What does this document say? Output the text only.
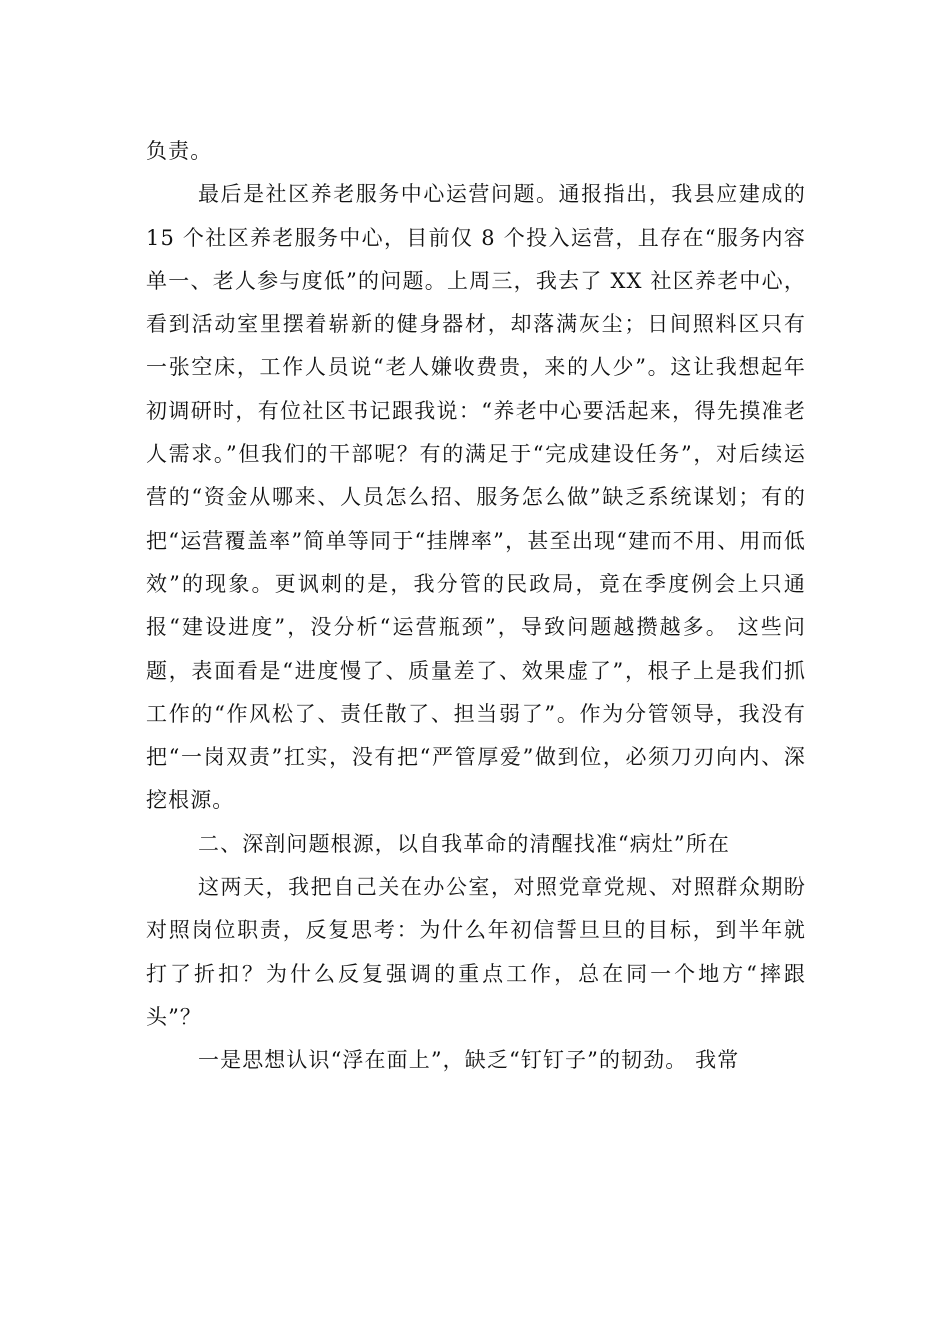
负责。

最后是社区养老服务中心运营问题。通报指出，我县应建成的 15 个社区养老服务中心，目前仅 8 个投入运营，且存在“服务内容单一、老人参与度低”的问题。上周三，我去了 XX 社区养老中心，看到活动室里摆着崭新的健身器材，却落满灰尘；日间照料区只有一张空床，工作人员说“老人嫌收费贵，来的人少”。这让我想起年初调研时，有位社区书记跟我说：“养老中心要活起来，得先摸准老人需求。”但我们的干部呢？有的满足于“完成建设任务”，对后续运营的“资金从哪来、人员怎么招、服务怎么做”缺乏系统谋划；有的把“运营覆盖率”简单等同于“挂牌率”，甚至出现“建而不用、用而低效”的现象。更讽刺的是，我分管的民政局，竟在季度例会上只通报“建设进度”，没分析“运营瓶颈”，导致问题越攒越多。 这些问题，表面看是“进度慢了、质量差了、效果虚了”，根子上是我们抓工作的“作风松了、责任散了、担当弱了”。作为分管领导，我没有把“一岗双责”扛实，没有把“严管厚爱”做到位，必须刀刃向内、深挖根源。

二、深剖问题根源，以自我革命的清醒找准“病灶”所在

这两天，我把自己关在办公室，对照党章党规、对照群众期盼对照岗位职责，反复思考：为什么年初信誓旦旦的目标，到半年就打了折扣？为什么反复强调的重点工作，总在同一个地方“摔跟头”？

一是思想认识“浮在面上”，缺乏“钉钉子”的韧劲。 我常
